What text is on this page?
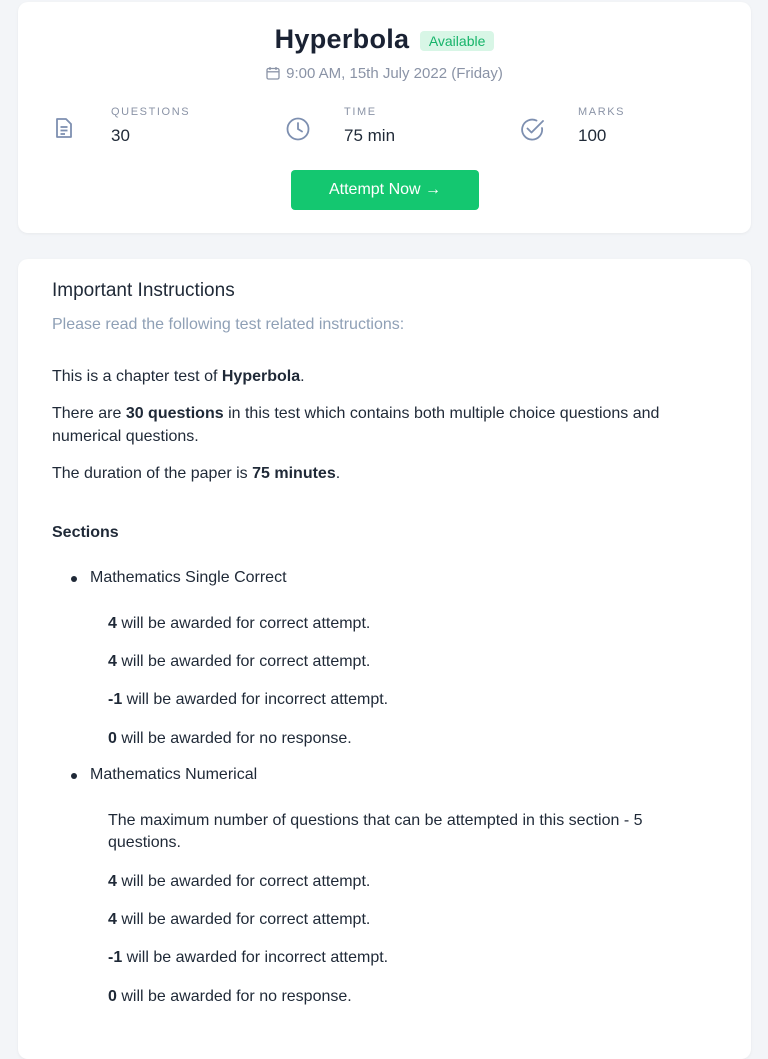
Hyperbola Available
9:00 AM, 15th July 2022 (Friday)
QUESTIONS
30
TIME
75 min
MARKS
100
Attempt Now →
Important Instructions
Please read the following test related instructions:
This is a chapter test of Hyperbola.
There are 30 questions in this test which contains both multiple choice questions and numerical questions.
The duration of the paper is 75 minutes.
Sections
Mathematics Single Correct
4 will be awarded for correct attempt.
4 will be awarded for correct attempt.
-1 will be awarded for incorrect attempt.
0 will be awarded for no response.
Mathematics Numerical
The maximum number of questions that can be attempted in this section - 5 questions.
4 will be awarded for correct attempt.
4 will be awarded for correct attempt.
-1 will be awarded for incorrect attempt.
0 will be awarded for no response.
